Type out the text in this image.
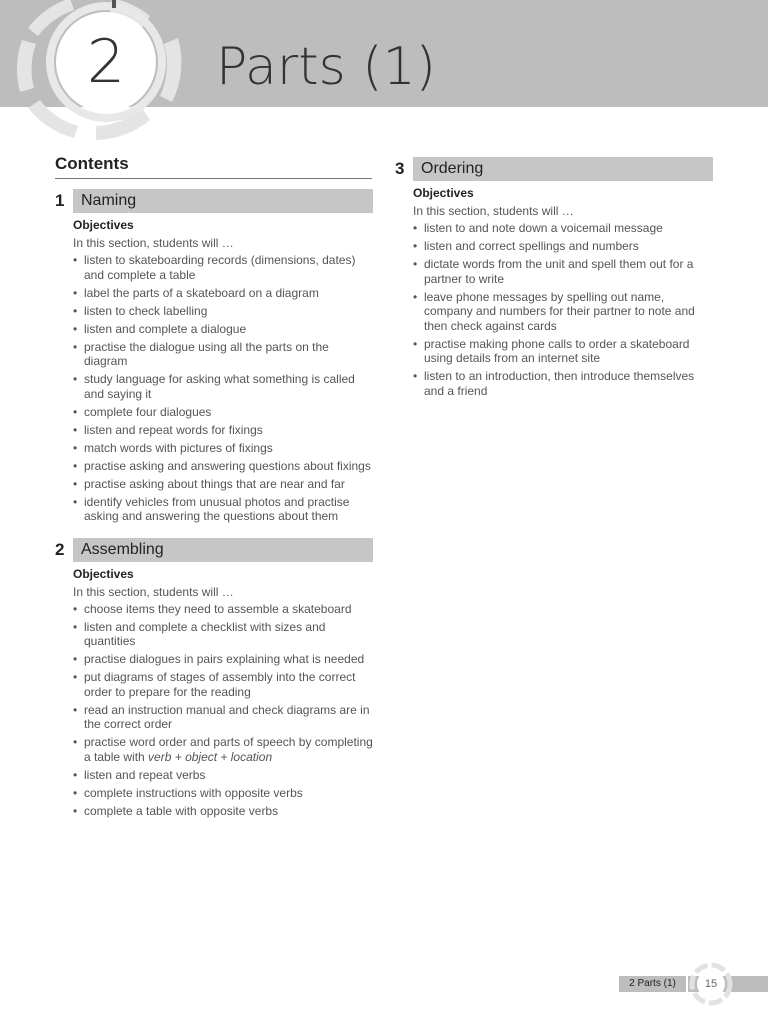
2	Parts (1)
Contents
1	Naming
Objectives
In this section, students will …
• listen to skateboarding records (dimensions, dates) and complete a table
• label the parts of a skateboard on a diagram
• listen to check labelling
• listen and complete a dialogue
• practise the dialogue using all the parts on the diagram
• study language for asking what something is called and saying it
• complete four dialogues
• listen and repeat words for fixings
• match words with pictures of fixings
• practise asking and answering questions about fixings
• practise asking about things that are near and far
• identify vehicles from unusual photos and practise asking and answering the questions about them
2	Assembling
Objectives
In this section, students will …
• choose items they need to assemble a skateboard
• listen and complete a checklist with sizes and quantities
• practise dialogues in pairs explaining what is needed
• put diagrams of stages of assembly into the correct order to prepare for the reading
• read an instruction manual and check diagrams are in the correct order
• practise word order and parts of speech by completing a table with verb + object + location
• listen and repeat verbs
• complete instructions with opposite verbs
• complete a table with opposite verbs
3	Ordering
Objectives
In this section, students will …
• listen to and note down a voicemail message
• listen and correct spellings and numbers
• dictate words from the unit and spell them out for a partner to write
• leave phone messages by spelling out name, company and numbers for their partner to note and then check against cards
• practise making phone calls to order a skateboard using details from an internet site
• listen to an introduction, then introduce themselves and a friend
2 Parts (1)	15
